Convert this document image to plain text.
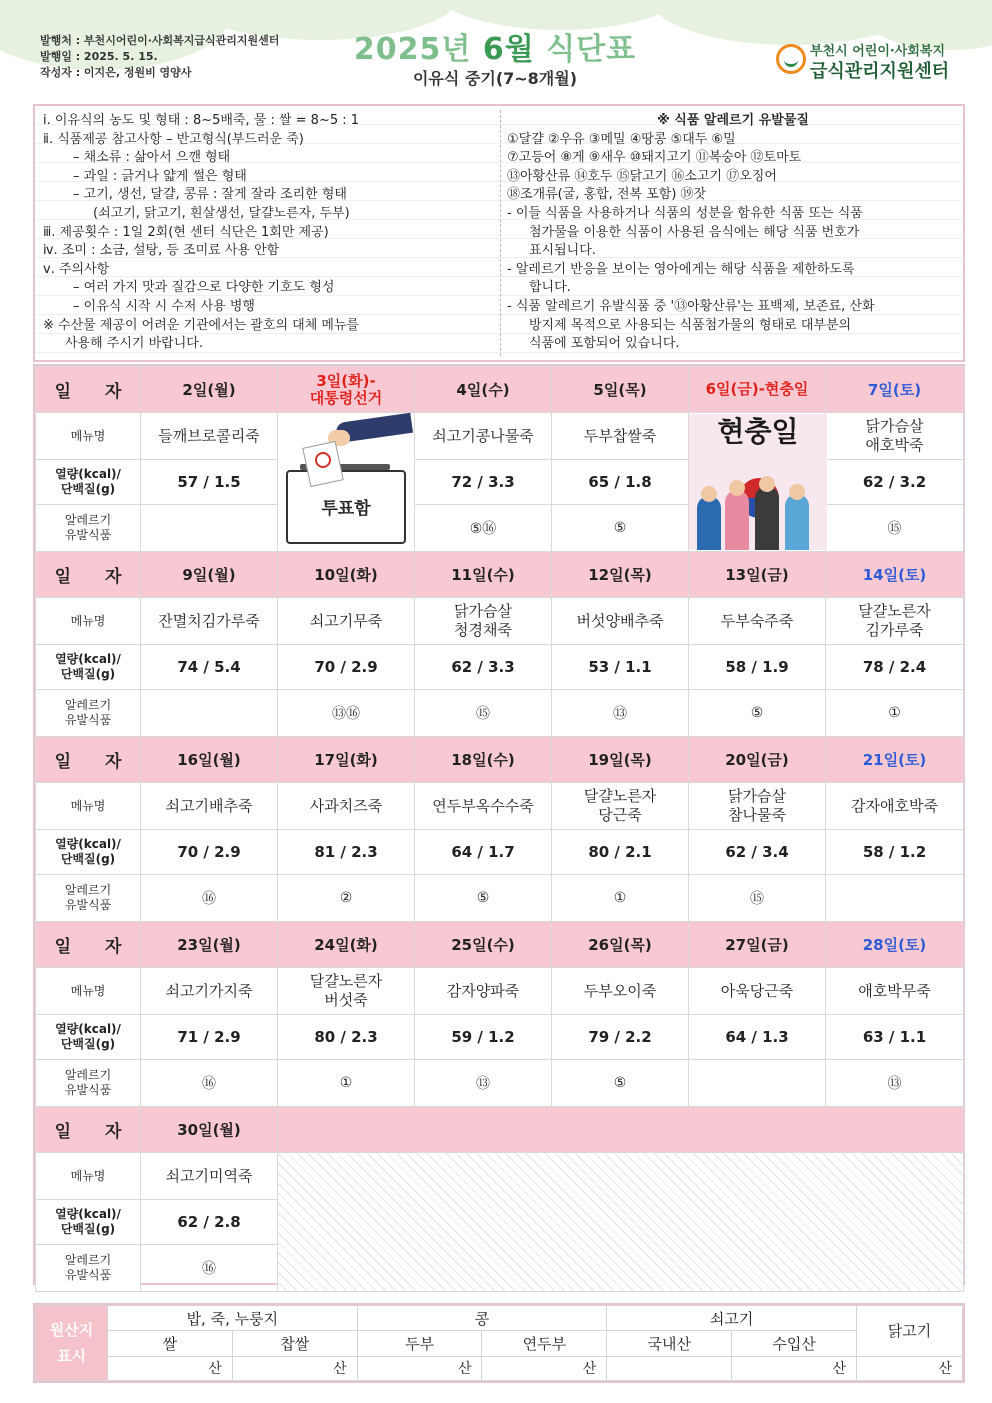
발행처 : 부천시어린이·사회복지급식관리지원센터
발행일 : 2025. 5. 15.
작성자 : 이지은, 정원비 영양사
2025년 6월 식단표
이유식 중기(7~8개월)
부천시 어린이·사회복지
급식관리지원센터

ⅰ. 이유식의 농도 및 형태 : 8~5배죽, 물 : 쌀 = 8~5 : 1

ⅱ. 식품제공 참고사항 – 반고형식(부드러운 죽)

– 채소류 : 삶아서 으깬 형태

– 과일 : 긁거나 얇게 썰은 형태

– 고기, 생선, 달걀, 콩류 : 잘게 잘라 조리한 형태

(쇠고기, 닭고기, 흰살생선, 달걀노른자, 두부)

ⅲ. 제공횟수 : 1일 2회(현 센터 식단은 1회만 제공)

ⅳ. 조미 : 소금, 설탕, 등 조미료 사용 안함

ⅴ. 주의사항

– 여러 가지 맛과 질감으로 다양한 기호도 형성

– 이유식 시작 시 수저 사용 병행

※ 수산물 제공이 어려운 기관에서는 괄호의 대체 메뉴를

사용해 주시기 바랍니다.

※ 식품 알레르기 유발물질

①달걀 ②우유 ③메밀 ④땅콩 ⑤대두 ⑥밀

⑦고등어 ⑧게 ⑨새우 ⑩돼지고기 ⑪복숭아 ⑫토마토

⑬아황산류 ⑭호두 ⑮닭고기 ⑯소고기 ⑰오징어

⑱조개류(굴, 홍합, 전복 포함) ⑲잣

- 이들 식품을 사용하거나 식품의 성분을 함유한 식품 또는 식품

첨가물을 이용한 식품이 사용된 음식에는 해당 식품 번호가

표시됩니다.

- 알레르기 반응을 보이는 영아에게는 해당 식품을 제한하도록

합니다.

- 식품 알레르기 유발식품 중 '⑬아황산류'는 표백제, 보존료, 산화

방지제 목적으로 사용되는 식품첨가물의 형태로 대부분의

식품에 포함되어 있습니다.

일 자	2일(월)	3일(화)-
대통령선거	4일(수)	5일(목)	6일(금)-현충일	7일(토)

메뉴명	들깨브로콜리죽	투표함	쇠고기콩나물죽	두부찹쌀죽	현충일	닭가슴살
애호박죽

열량(kcal)/
단백질(g)	57 / 1.5		72 / 3.3	65 / 1.8		62 / 3.2

알레르기
유발식품			⑤⑯	⑤		⑮
일 자	9일(월)	10일(화)	11일(수)	12일(목)	13일(금)	14일(토)

메뉴명	잔멸치김가루죽	쇠고기무죽	닭가슴살
청경채죽	버섯양배추죽	두부숙주죽	달걀노른자
김가루죽

열량(kcal)/
단백질(g)	74 / 5.4	70 / 2.9	62 / 3.3	53 / 1.1	58 / 1.9	78 / 2.4

알레르기
유발식품		⑬⑯	⑮	⑬	⑤	①
일 자	16일(월)	17일(화)	18일(수)	19일(목)	20일(금)	21일(토)

메뉴명	쇠고기배추죽	사과치즈죽	연두부옥수수죽	달걀노른자
당근죽	닭가슴살
참나물죽	감자애호박죽

열량(kcal)/
단백질(g)	70 / 2.9	81 / 2.3	64 / 1.7	80 / 2.1	62 / 3.4	58 / 1.2

알레르기
유발식품	⑯	②	⑤	①	⑮	
일 자	23일(월)	24일(화)	25일(수)	26일(목)	27일(금)	28일(토)

메뉴명	쇠고기가지죽	달걀노른자
버섯죽	감자양파죽	두부오이죽	아욱당근죽	애호박무죽

열량(kcal)/
단백질(g)	71 / 2.9	80 / 2.3	59 / 1.2	79 / 2.2	64 / 1.3	63 / 1.1

알레르기
유발식품	⑯	①	⑬	⑤		⑬
일 자	30일(월)					

메뉴명	쇠고기미역죽					

열량(kcal)/
단백질(g)	62 / 2.8					

알레르기
유발식품	⑯					
원산지
표시	밥, 죽, 누룽지		콩		쇠고기		닭고기
	쌀	찹쌀	두부	연두부	국내산	수입산	
	산	산	산	산		산	산
